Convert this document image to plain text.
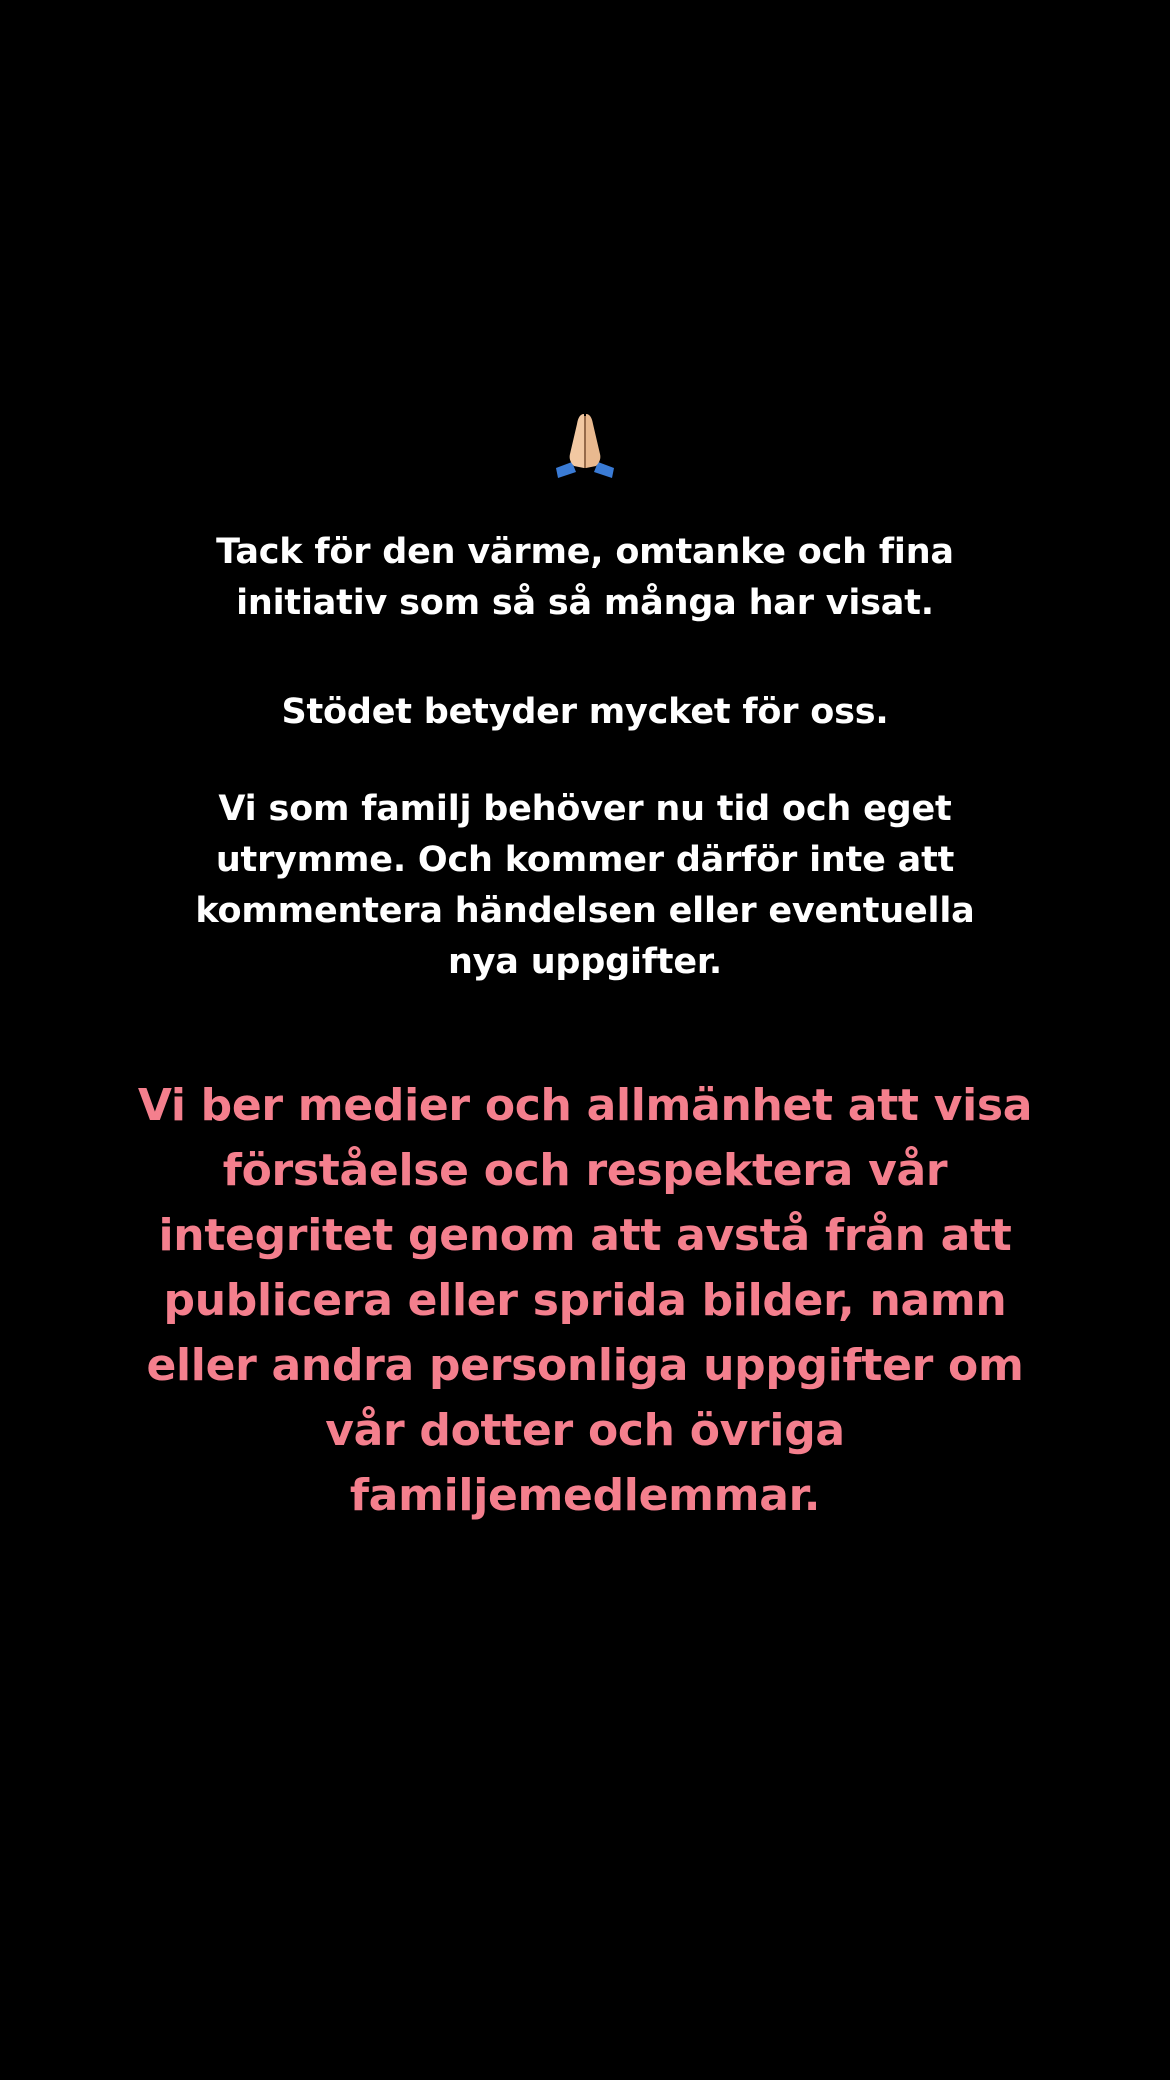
Tack för den värme, omtanke och fina
initiativ som så så många har visat.

Stödet betyder mycket för oss.

Vi som familj behöver nu tid och eget
utrymme. Och kommer därför inte att
kommentera händelsen eller eventuella
nya uppgifter.

Vi ber medier och allmänhet att visa
förståelse och respektera vår
integritet genom att avstå från att
publicera eller sprida bilder, namn
eller andra personliga uppgifter om
vår dotter och övriga
familjemedlemmar.
